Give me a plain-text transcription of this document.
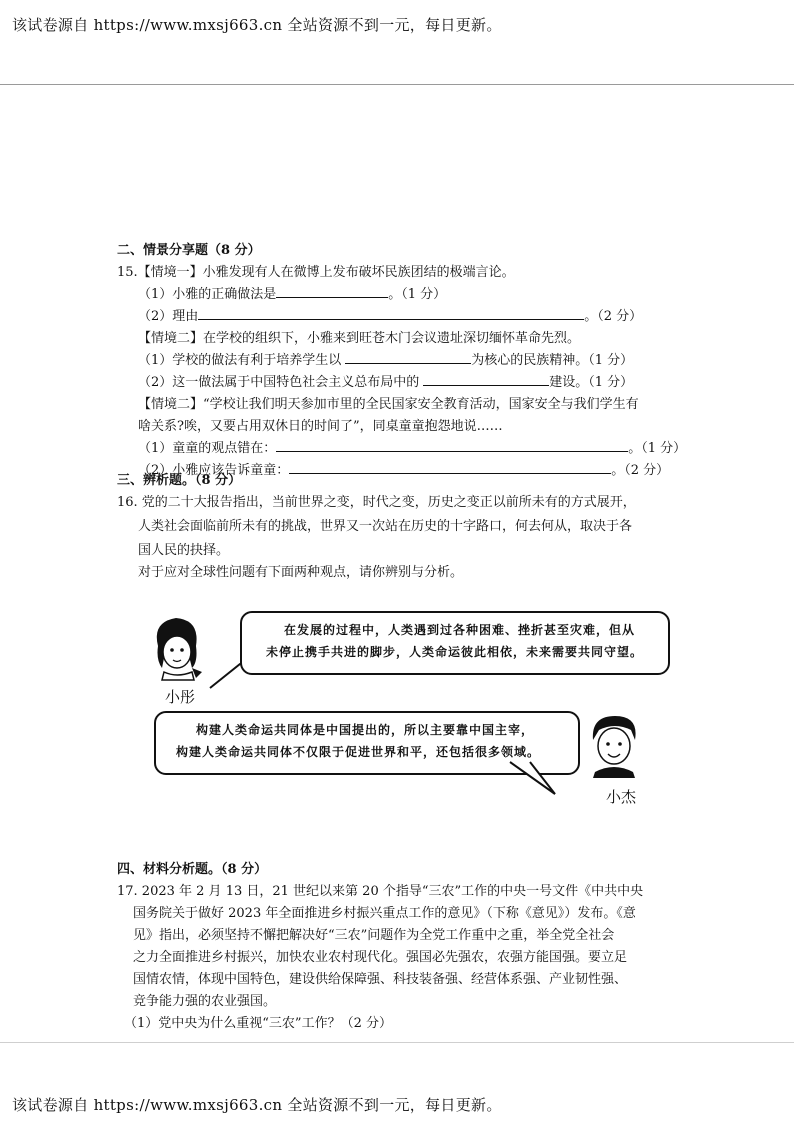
该试卷源自 https://www.mxsj663.cn 全站资源不到一元，每日更新。
二、情景分享题（8 分）
15.【情境一】小雅发现有人在微博上发布破坏民族团结的极端言论。
（1）小雅的正确做法是	。（1 分）
（2）理由	。（2 分）
【情境二】在学校的组织下，小雅来到旺苍木门会议遗址深切缅怀革命先烈。
（1）学校的做法有利于培养学生以	为核心的民族精神。（1 分）
（2）这一做法属于中国特色社会主义总布局中的	建设。（1 分）
【情境二】“学校让我们明天参加市里的全民国家安全教育活动，国家安全与我们学生有
啥关系?唉，又要占用双休日的时间了”，同桌童童抱怨地说……
（1）童童的观点错在：	。（1 分）
（2）小雅应该告诉童童：	。（2 分）
三、辨析题。（8 分）
16. 党的二十大报告指出，当前世界之变，时代之变，历史之变正以前所未有的方式展开，
人类社会面临前所未有的挑战，世界又一次站在历史的十字路口，何去何从，取决于各
国人民的抉择。
对于应对全球性问题有下面两种观点，请你辨别与分析。
小彤
在发展的过程中，人类遇到过各种困难、挫折甚至灾难，但从
未停止携手共进的脚步，人类命运彼此相依，未来需要共同守望。
构建人类命运共同体是中国提出的，所以主要靠中国主宰，
构建人类命运共同体不仅限于促进世界和平，还包括很多领域。
小杰
四、材料分析题。（8 分）
17. 2023 年 2 月 13 日，21 世纪以来第 20 个指导“三农”工作的中央一号文件《中共中央
国务院关于做好 2023 年全面推进乡村振兴重点工作的意见》（下称《意见》）发布。《意
见》指出，必须坚持不懈把解决好“三农”问题作为全党工作重中之重，举全党全社会
之力全面推进乡村振兴，加快农业农村现代化。强国必先强农，农强方能国强。要立足
国情农情，体现中国特色，建设供给保障强、科技装备强、经营体系强、产业韧性强、
竞争能力强的农业强国。
（1）党中央为什么重视“三农”工作？（2 分）
该试卷源自 https://www.mxsj663.cn 全站资源不到一元，每日更新。
